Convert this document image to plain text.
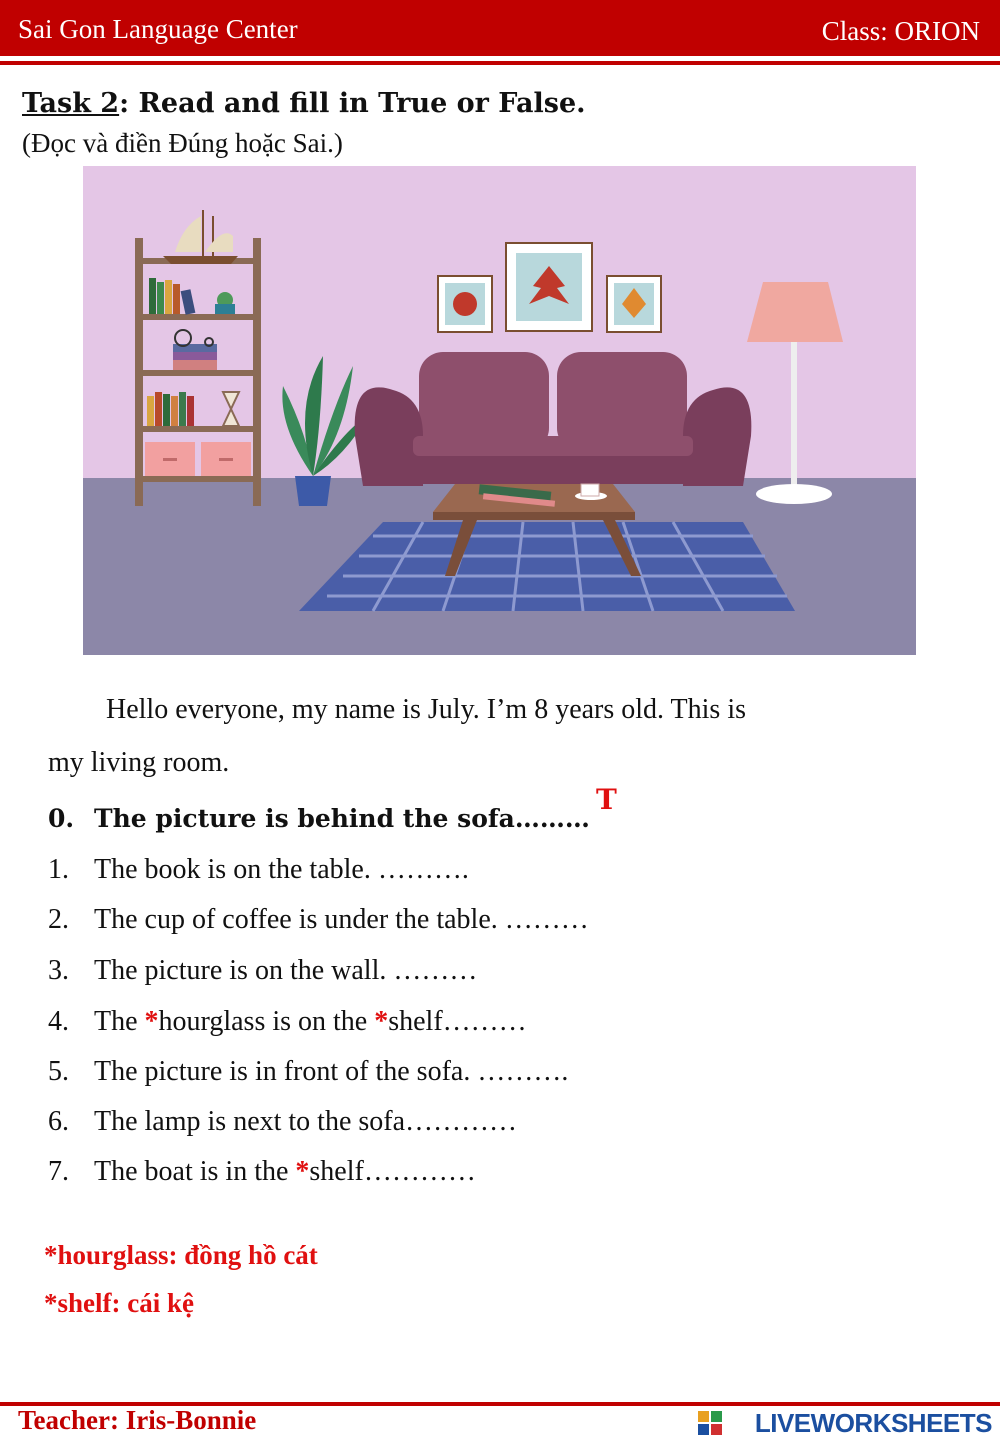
Sai Gon Language Center	Class: ORION
Task 2: Read and fill in True or False.
(Đọc và điền Đúng hoặc Sai.)
Hello everyone, my name is July. I’m 8 years old. This is
my living room.
0. The picture is behind the sofa………
T
1. The book is on the table. ……….
2. The cup of coffee is under the table. ………
3. The picture is on the wall. ………
4. The *hourglass is on the *shelf………
5. The picture is in front of the sofa. ……….
6. The lamp is next to the sofa…………
7. The boat is in the *shelf…………
*hourglass: đồng hồ cát
*shelf: cái kệ
Teacher: Iris-Bonnie	LIVEWORKSHEETS
